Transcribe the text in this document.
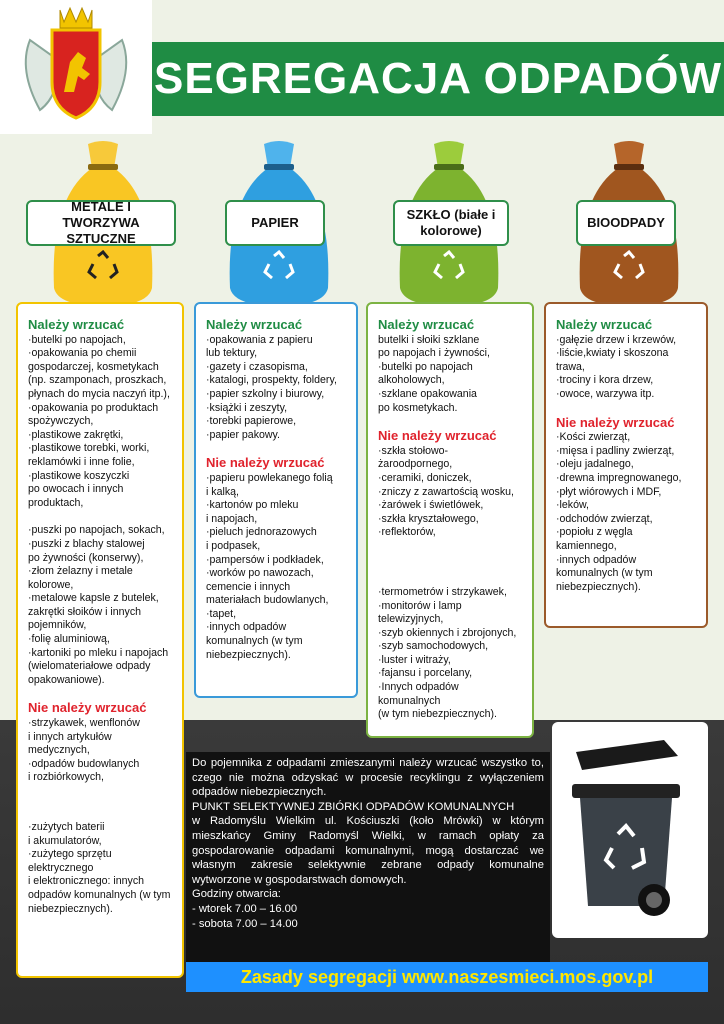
SEGREGACJA ODPADÓW
METALE I TWORZYWA SZTUCZNE
PAPIER
SZKŁO (białe i kolorowe)
BIOODPADY
Należy wrzucać
·butelki po napojach,
·opakowania po chemii
gospodarczej, kosmetykach
(np. szamponach, proszkach,
płynach do mycia naczyń itp.),
·opakowania po produktach
spożywczych,
·plastikowe zakrętki,
·plastikowe torebki, worki,
reklamówki i inne folie,
·plastikowe koszyczki
po owocach i innych
produktach,
·puszki po napojach, sokach,
·puszki z blachy stalowej
po żywności (konserwy),
·złom żelazny i metale
kolorowe,
·metalowe kapsle z butelek,
zakrętki słoików i innych
pojemników,
·folię aluminiową,
·kartoniki po mleku i napojach
(wielomateriałowe odpady
opakowaniowe).
Nie należy wrzucać
·strzykawek, wenflonów
i innych artykułów
medycznych,
·odpadów budowlanych
i rozbiórkowych,
·zużytych baterii
i akumulatorów,
·zużytego sprzętu
elektrycznego
i elektronicznego: innych
odpadów komunalnych (w tym
niebezpiecznych).
Należy wrzucać
·opakowania z papieru
lub tektury,
·gazety i czasopisma,
·katalogi, prospekty, foldery,
·papier szkolny i biurowy,
·książki i zeszyty,
·torebki papierowe,
·papier pakowy.
Nie należy wrzucać
·papieru powlekanego folią
i kalką,
·kartonów po mleku
i napojach,
·pieluch jednorazowych
i podpasek,
·pampersów i podkładek,
·worków po nawozach,
cemencie i innych
materiałach budowlanych,
·tapet,
·innych odpadów
komunalnych (w tym
niebezpiecznych).
Należy wrzucać
butelki i słoiki szklane
po napojach i żywności,
·butelki po napojach
alkoholowych,
·szklane opakowania
po kosmetykach.
Nie należy wrzucać
·szkła stołowo-
żaroodpornego,
·ceramiki, doniczek,
·zniczy z zawartością wosku,
·żarówek i świetlówek,
·szkła kryształowego,
·reflektorów,
·termometrów i strzykawek,
·monitorów i lamp
telewizyjnych,
·szyb okiennych i zbrojonych,
·szyb samochodowych,
·luster i witraży,
·fajansu i porcelany,
·Innych odpadów komunalnych
(w tym niebezpiecznych).
Należy wrzucać
·gałęzie drzew i krzewów,
·liście,kwiaty i skoszona
trawa,
·trociny i kora drzew,
·owoce, warzywa itp.
Nie należy wrzucać
·Kości zwierząt,
·mięsa i padliny zwierząt,
·oleju jadalnego,
·drewna impregnowanego,
·płyt wiórowych i MDF,
·leków,
·odchodów zwierząt,
·popiołu z węgla
kamiennego,
·innych odpadów
komunalnych (w tym
niebezpiecznych).
Do pojemnika z odpadami zmieszanymi należy wrzucać wszystko to, czego nie można odzyskać w procesie recyklingu z wyłączeniem odpadów niebezpiecznych.
PUNKT SELEKTYWNEJ ZBIÓRKI ODPADÓW KOMUNALNYCH
w Radomyślu Wielkim ul. Kościuszki (koło Mrówki) w którym mieszkańcy Gminy Radomyśl Wielki, w ramach opłaty za gospodarowanie odpadami komunalnymi, mogą dostarczać we własnym zakresie selektywnie zebrane odpady komunalne wytworzone w gospodarstwach domowych.
Godziny otwarcia:
- wtorek 7.00 – 16.00
- sobota 7.00 – 14.00
Zasady segregacji www.naszesmieci.mos.gov.pl
